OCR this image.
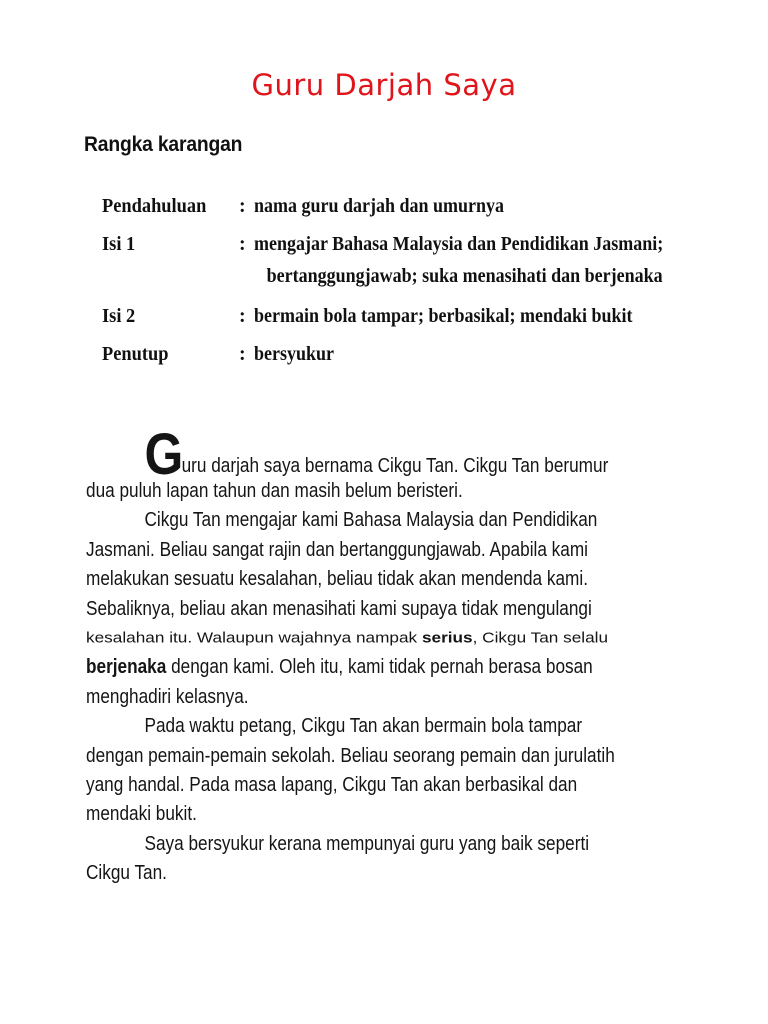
Guru Darjah Saya
Rangka karangan
Pendahuluan : nama guru darjah dan umurnya
Isi 1	: mengajar Bahasa Malaysia dan Pendidikan Jasmani;
bertanggungjawab; suka menasihati dan berjenaka
Isi 2	: bermain bola tampar; berbasikal; mendaki bukit
Penutup	: bersyukur
Guru darjah saya bernama Cikgu Tan. Cikgu Tan berumur
dua puluh lapan tahun dan masih belum beristeri.
Cikgu Tan mengajar kami Bahasa Malaysia dan Pendidikan
Jasmani. Beliau sangat rajin dan bertanggungjawab. Apabila kami
melakukan sesuatu kesalahan, beliau tidak akan mendenda kami.
Sebaliknya, beliau akan menasihati kami supaya tidak mengulangi
kesalahan itu. Walaupun wajahnya nampak serius, Cikgu Tan selalu
berjenaka dengan kami. Oleh itu, kami tidak pernah berasa bosan
menghadiri kelasnya.
Pada waktu petang, Cikgu Tan akan bermain bola tampar
dengan pemain-pemain sekolah. Beliau seorang pemain dan jurulatih
yang handal. Pada masa lapang, Cikgu Tan akan berbasikal dan
mendaki bukit.
Saya bersyukur kerana mempunyai guru yang baik seperti
Cikgu Tan.
